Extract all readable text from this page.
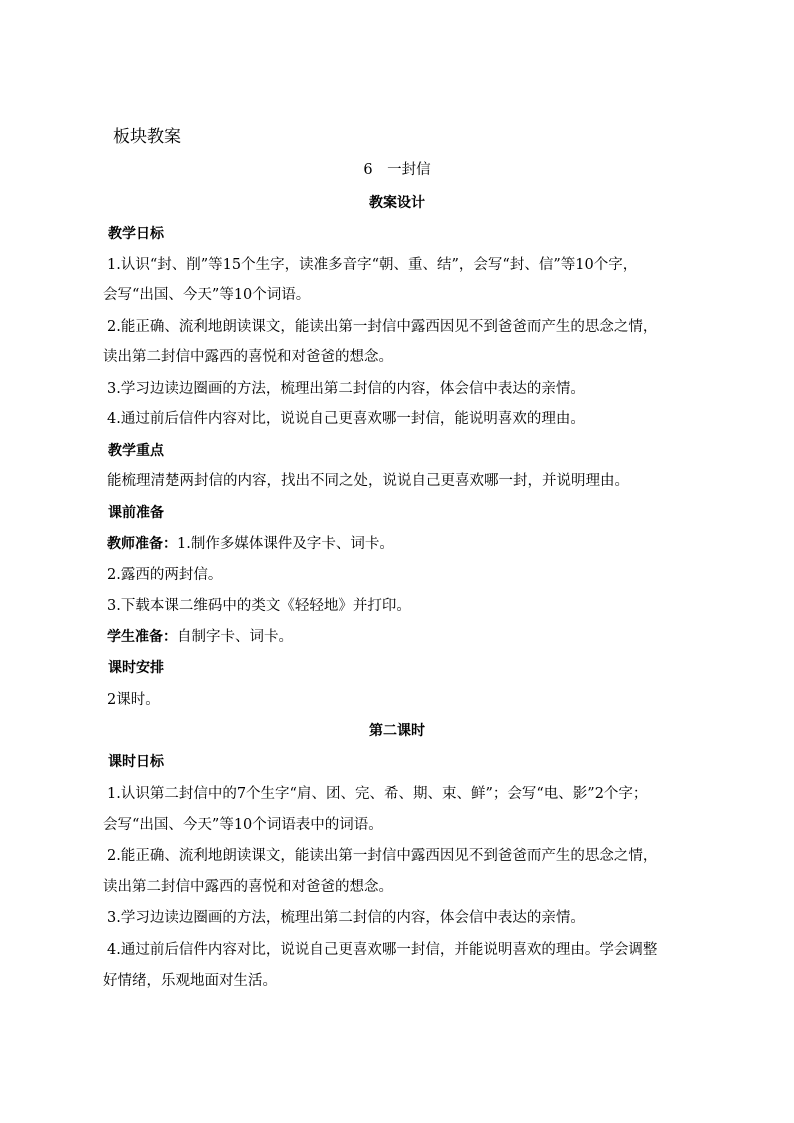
板块教案
6　一封信
教案设计
教学日标
1.认识“封、削”等15个生字，读准多音字“朝、重、结”，会写“封、信”等10个字，
会写“出国、今天”等10个词语。
2.能正确、流利地朗读课文，能读出第一封信中露西因见不到爸爸而产生的思念之情，
读出第二封信中露西的喜悦和对爸爸的想念。
3.学习边读边圈画的方法，梳理出第二封信的内容，体会信中表达的亲情。
4.通过前后信件内容对比，说说自己更喜欢哪一封信，能说明喜欢的理由。
教学重点
能梳理清楚两封信的内容，找出不同之处，说说自己更喜欢哪一封，并说明理由。
课前准备
教师准备：1.制作多媒体课件及字卡、词卡。
2.露西的两封信。
3.下载本课二维码中的类文《轻轻地》并打印。
学生准备：自制字卡、词卡。
课时安排
2课时。
第二课时
课时日标
1.认识第二封信中的7个生字“肩、团、完、希、期、束、鲜”；会写“电、影”2个字；
会写“出国、今天”等10个词语表中的词语。
2.能正确、流利地朗读课文，能读出第一封信中露西因见不到爸爸而产生的思念之情，
读出第二封信中露西的喜悦和对爸爸的想念。
3.学习边读边圈画的方法，梳理出第二封信的内容，体会信中表达的亲情。
4.通过前后信件内容对比，说说自己更喜欢哪一封信，并能说明喜欢的理由。学会调整
好情绪，乐观地面对生活。
